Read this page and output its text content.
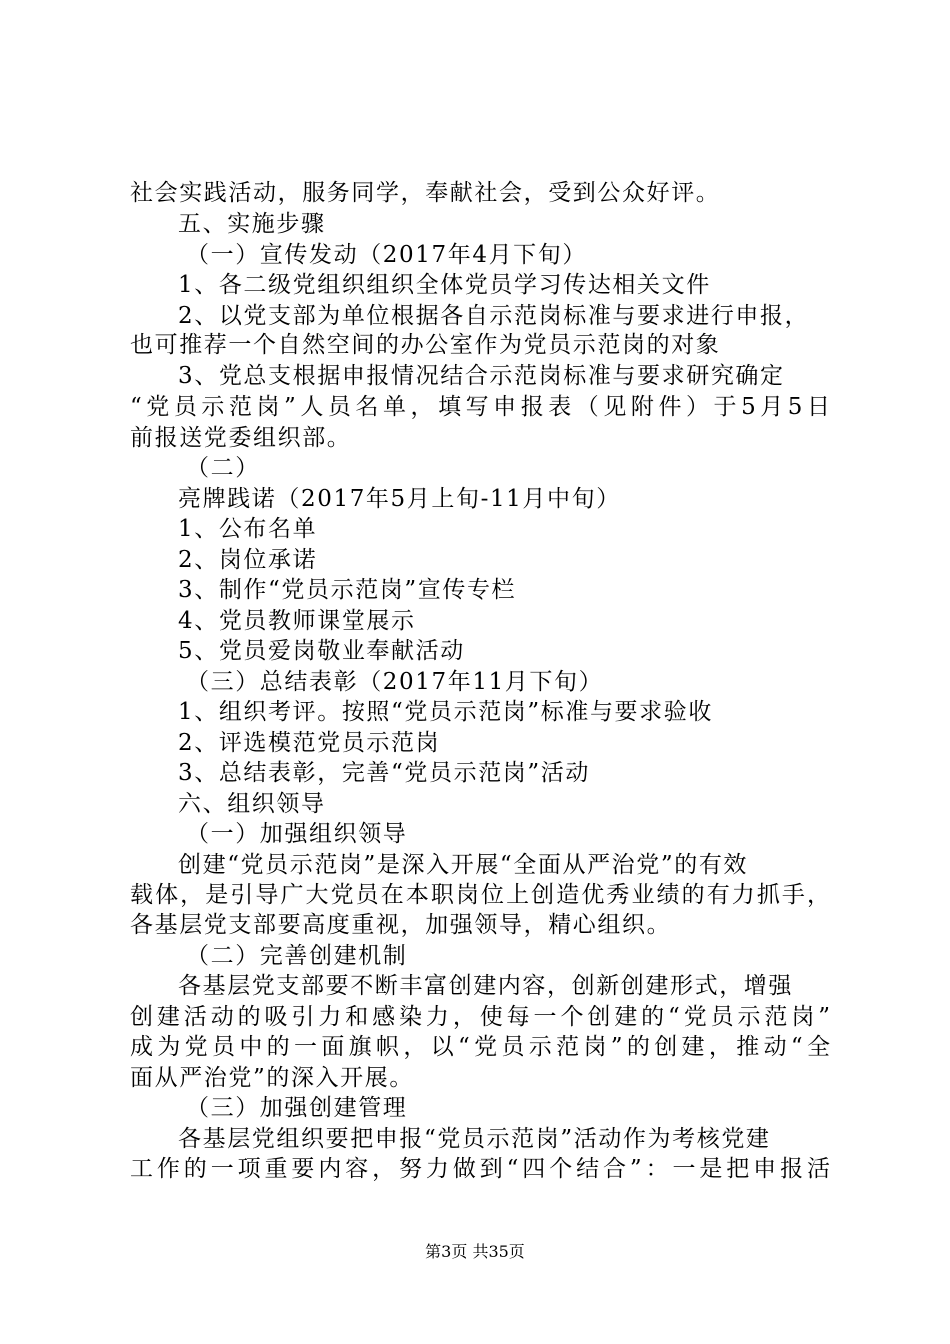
社会实践活动，服务同学，奉献社会，受到公众好评。
五、实施步骤
（一）宣传发动（2017年4月下旬）
1、各二级党组织组织全体党员学习传达相关文件
2、以党支部为单位根据各自示范岗标准与要求进行申报，
也可推荐一个自然空间的办公室作为党员示范岗的对象
3、党总支根据申报情况结合示范岗标准与要求研究确定
“党员示范岗”人员名单，填写申报表（见附件）于5月5日
前报送党委组织部。
（二）
亮牌践诺（2017年5月上旬-11月中旬）
1、公布名单
2、岗位承诺
3、制作“党员示范岗”宣传专栏
4、党员教师课堂展示
5、党员爱岗敬业奉献活动
（三）总结表彰（2017年11月下旬）
1、组织考评。按照“党员示范岗”标准与要求验收
2、评选模范党员示范岗
3、总结表彰，完善“党员示范岗”活动
六、组织领导
（一）加强组织领导
创建“党员示范岗”是深入开展“全面从严治党”的有效
载体，是引导广大党员在本职岗位上创造优秀业绩的有力抓手，
各基层党支部要高度重视，加强领导，精心组织。
（二）完善创建机制
各基层党支部要不断丰富创建内容，创新创建形式，增强
创建活动的吸引力和感染力，使每一个创建的“党员示范岗”
成为党员中的一面旗帜，以“党员示范岗”的创建，推动“全
面从严治党”的深入开展。
（三）加强创建管理
各基层党组织要把申报“党员示范岗”活动作为考核党建
工作的一项重要内容，努力做到“四个结合”：一是把申报活
第3页 共35页
